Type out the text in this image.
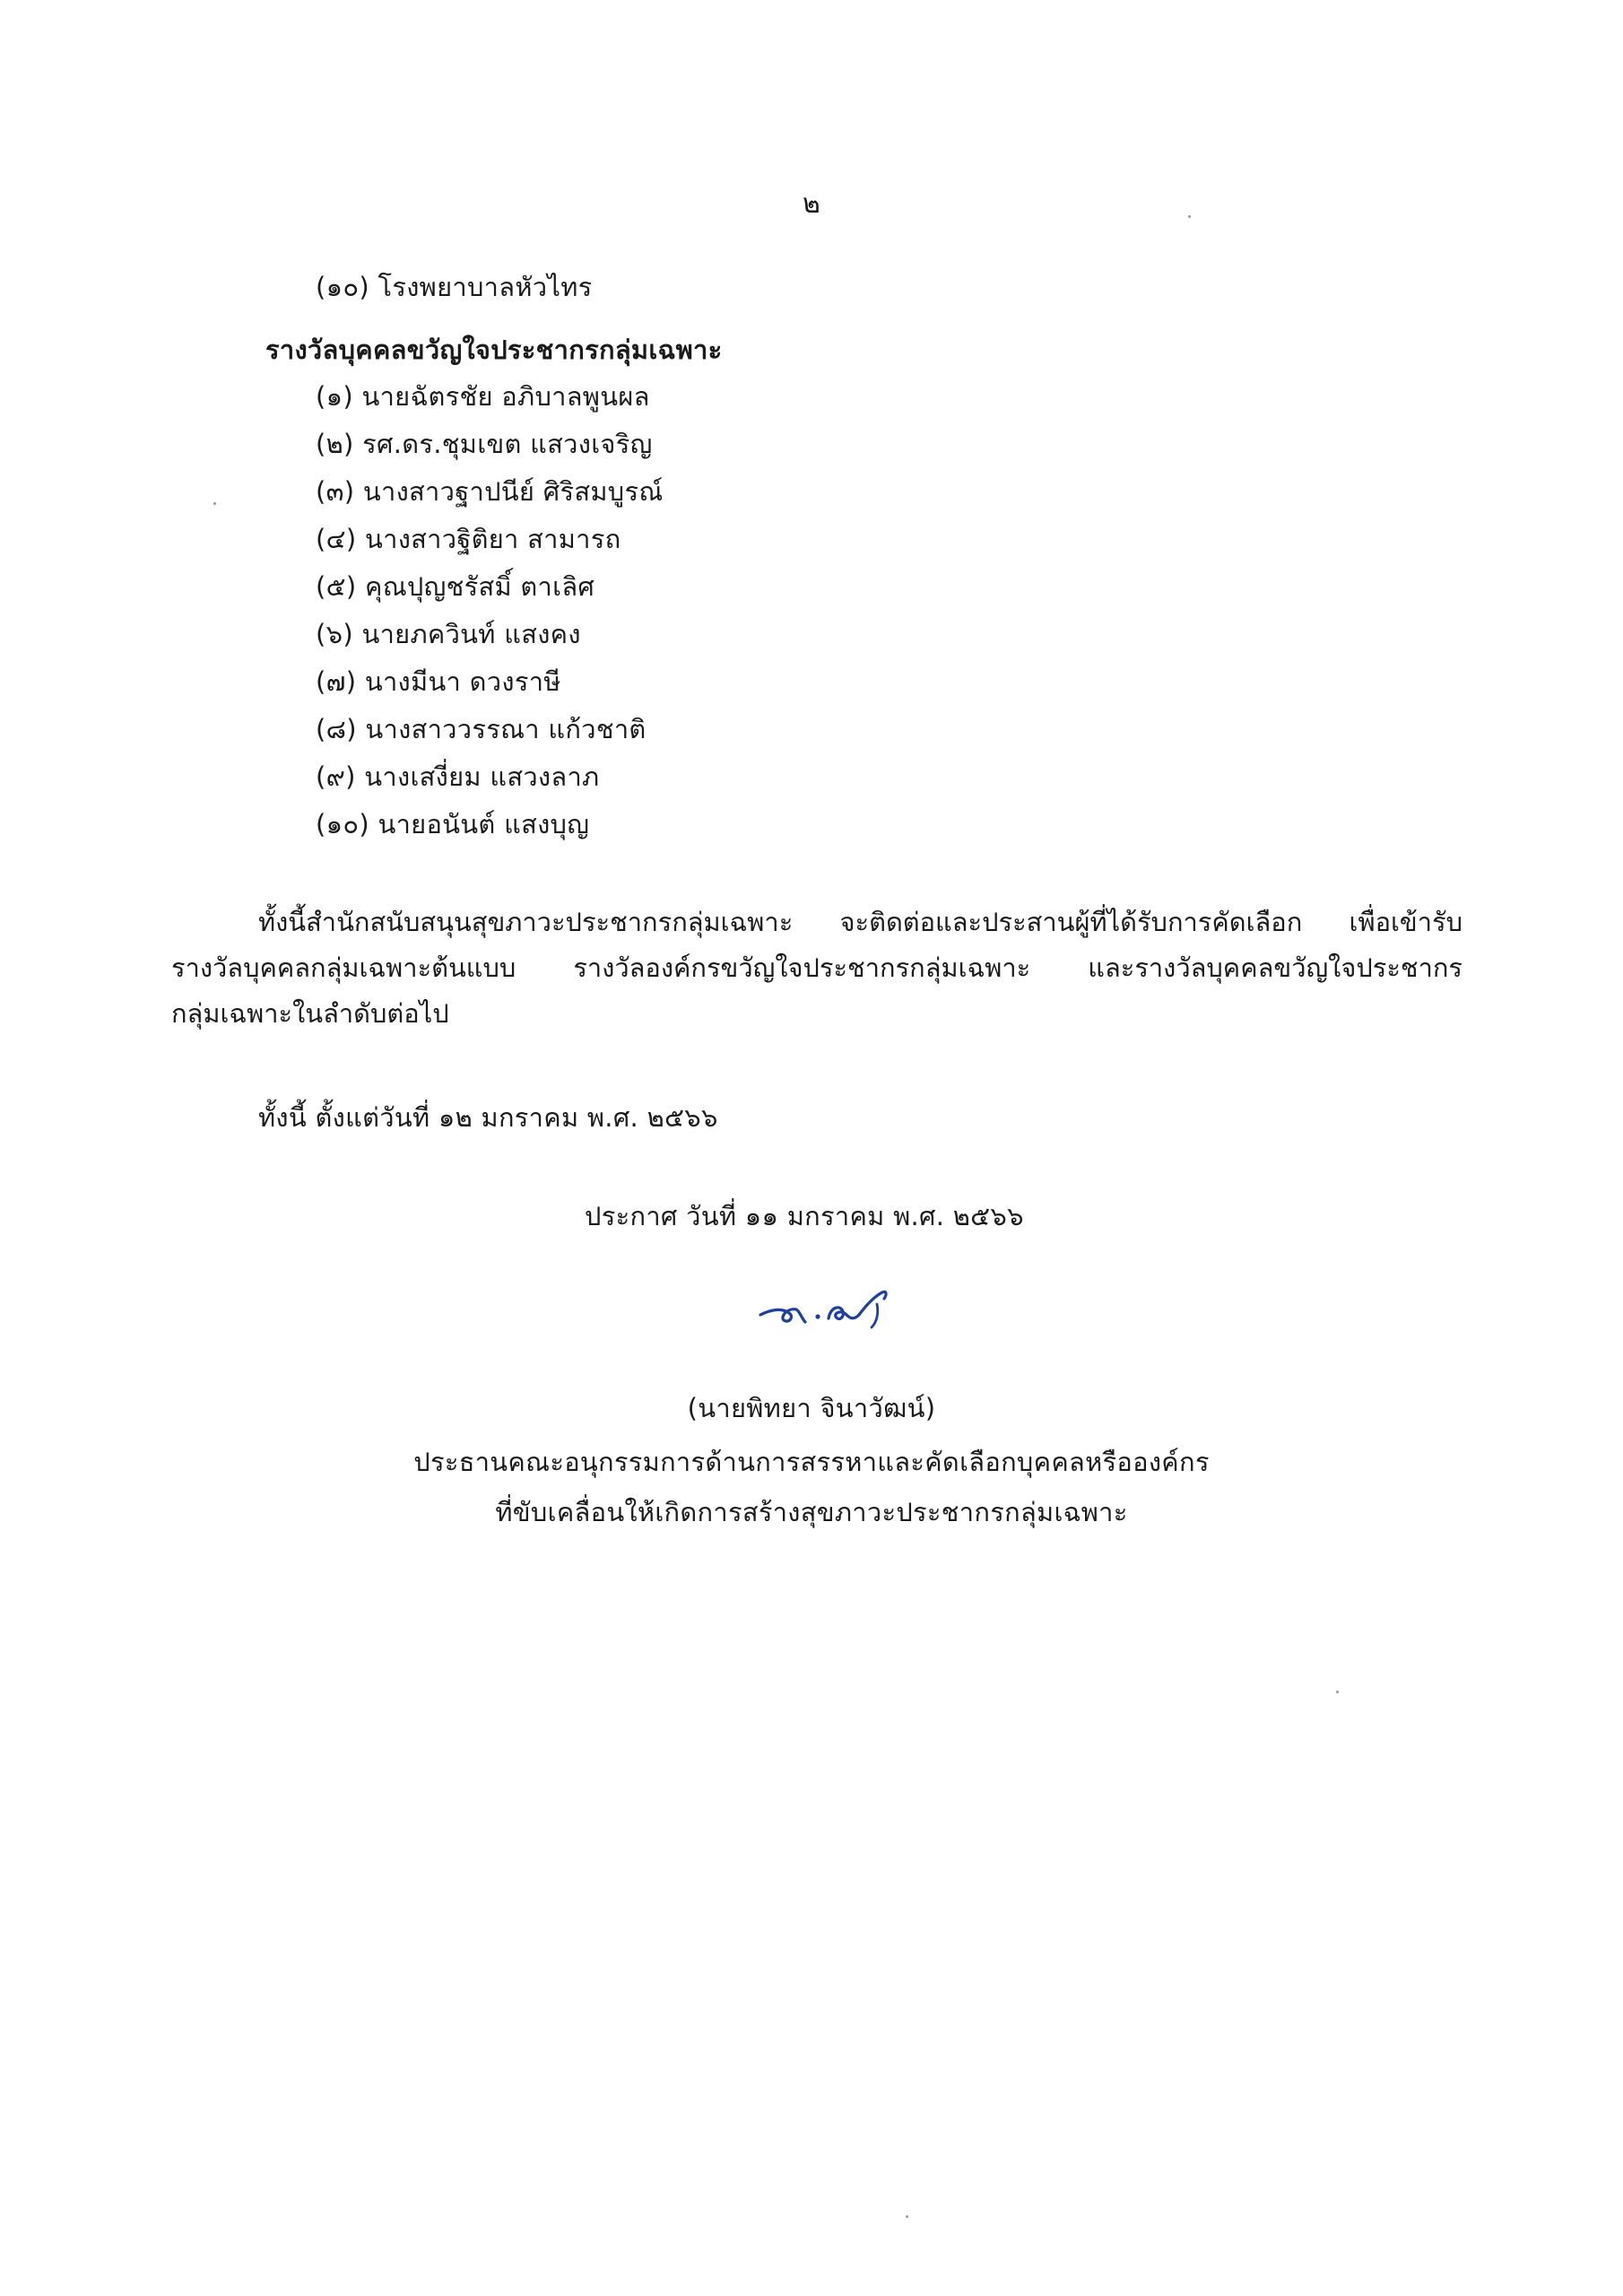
๒
(๑๐) โรงพยาบาลหัวไทร
รางวัลบุคคลขวัญใจประชากรกลุ่มเฉพาะ
(๑) นายฉัตรชัย อภิบาลพูนผล
(๒) รศ.ดร.ชุมเขต แสวงเจริญ
(๓) นางสาวฐาปนีย์ ศิริสมบูรณ์
(๔) นางสาวฐิติยา สามารถ
(๕) คุณปุญชรัสมิ์ ตาเลิศ
(๖) นายภควินท์ แสงคง
(๗) นางมีนา ดวงราษี
(๘) นางสาววรรณา แก้วชาติ
(๙) นางเสงี่ยม แสวงลาภ
(๑๐) นายอนันต์ แสงบุญ
ทั้งนี้สำนักสนับสนุนสุขภาวะประชากรกลุ่มเฉพาะ จะติดต่อและประสานผู้ที่ได้รับการคัดเลือก เพื่อเข้ารับ
รางวัลบุคคลกลุ่มเฉพาะต้นแบบ รางวัลองค์กรขวัญใจประชากรกลุ่มเฉพาะ และรางวัลบุคคลขวัญใจประชากร
กลุ่มเฉพาะในลำดับต่อไป
ทั้งนี้ ตั้งแต่วันที่ ๑๒ มกราคม พ.ศ. ๒๕๖๖
ประกาศ วันที่ ๑๑ มกราคม พ.ศ. ๒๕๖๖
(นายพิทยา จินาวัฒน์)
ประธานคณะอนุกรรมการด้านการสรรหาและคัดเลือกบุคคลหรือองค์กร
ที่ขับเคลื่อนให้เกิดการสร้างสุขภาวะประชากรกลุ่มเฉพาะ
